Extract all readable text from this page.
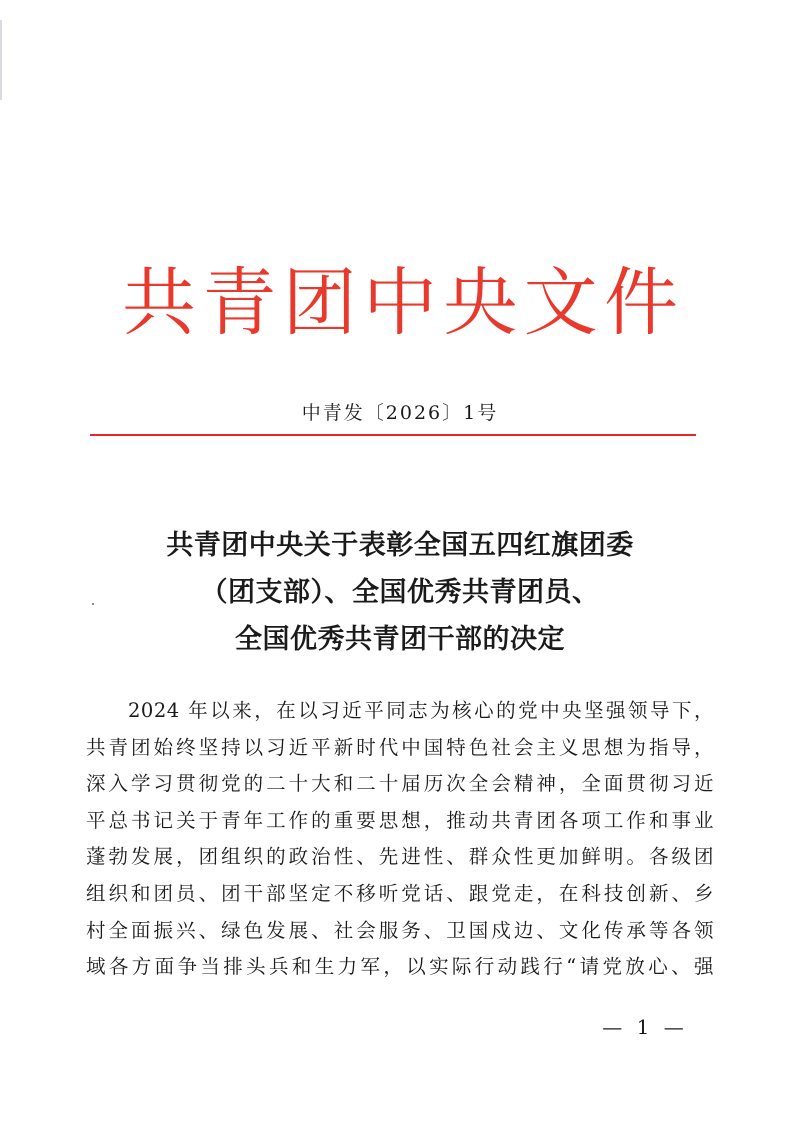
共 青 团 中 央 文 件
中青发〔2026〕1号
共青团中央关于表彰全国五四红旗团委
（团支部）、全国优秀共青团员、
全国优秀共青团干部的决定
2024 年以来，在以习近平同志为核心的党中央坚强领导下，
共青团始终坚持以习近平新时代中国特色社会主义思想为指导，
深入学习贯彻党的二十大和二十届历次全会精神，全面贯彻习近
平总书记关于青年工作的重要思想，推动共青团各项工作和事业
蓬勃发展，团组织的政治性、先进性、群众性更加鲜明。各级团
组织和团员、团干部坚定不移听党话、跟党走，在科技创新、乡
村全面振兴、绿色发展、社会服务、卫国戍边、文化传承等各领
域各方面争当排头兵和生力军，以实际行动践行“请党放心、强
— 1 —
